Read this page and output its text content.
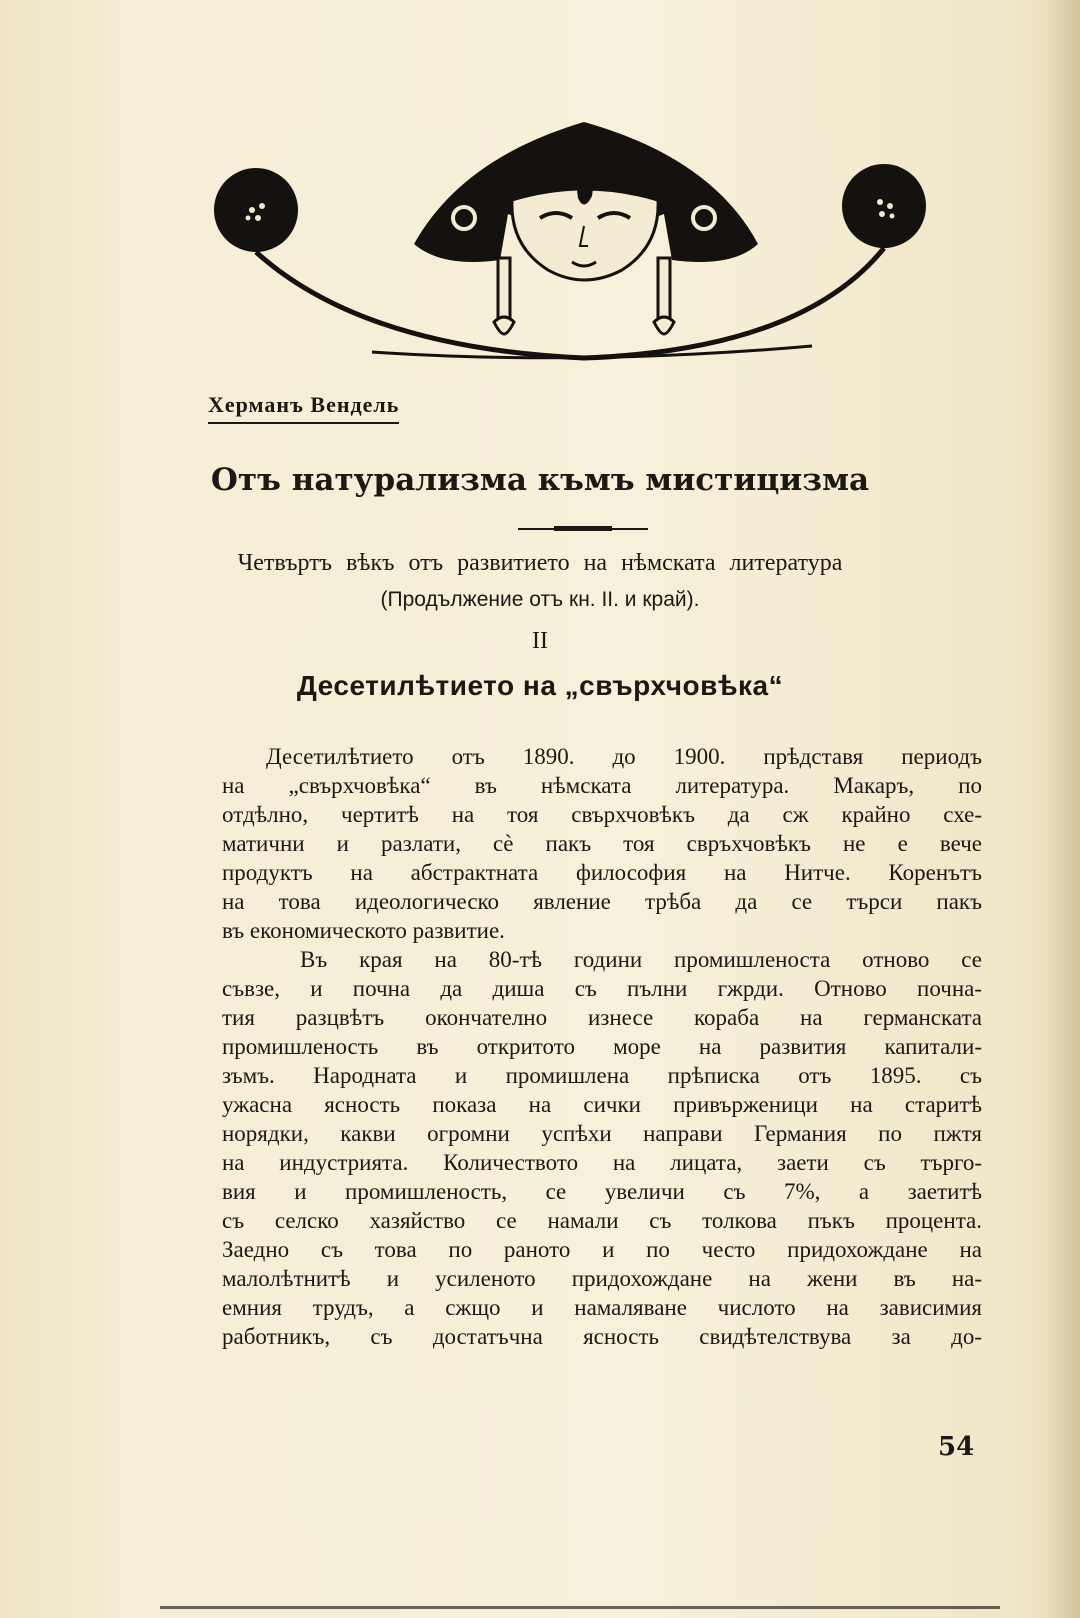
Херманъ Вендель
Отъ натурализма къмъ мистицизма
Четвъртъ вѣкъ отъ развитието на нѣмската литература
(Продължение отъ кн. II. и край).
II
Десетилѣтието на „свърхчовѣка“
Десетилѣтието отъ 1890. до 1900. прѣдставя периодъ
на „свърхчовѣка“ въ нѣмската литература. Макаръ, по
отдѣлно, чертитѣ на тоя свърхчовѣкъ да сж крайно схе-
матични и разлати, сѐ пакъ тоя свръхчовѣкъ не е вече
продуктъ на абстрактната философия на Нитче. Коренътъ
на това идеологическо явление трѣба да се търси пакъ
въ економическото развитие.
Въ края на 80-тѣ години промишленоста отново се
съвзе, и почна да диша съ пълни гжрди. Отново почна-
тия разцвѣтъ окончателно изнесе кораба на германската
промишленость въ откритото море на развития капитали-
зъмъ. Народната и промишлена прѣписка отъ 1895. съ
ужасна ясность показа на сички привърженици на старитѣ
норядки, какви огромни успѣхи направи Германия по пжтя
на индустрията. Количеството на лицата, заети съ търго-
вия и промишленость, се увеличи съ 7%, а заетитѣ
съ селско хазяйство се намали съ толкова пъкъ процента.
Заедно съ това по раното и по често придохождане на
малолѣтнитѣ и усиленото придохождане на жени въ на-
емния трудъ, а сжщо и намаляване числото на зависимия
работникъ, съ достатъчна ясность свидѣтелствува за до-
54
